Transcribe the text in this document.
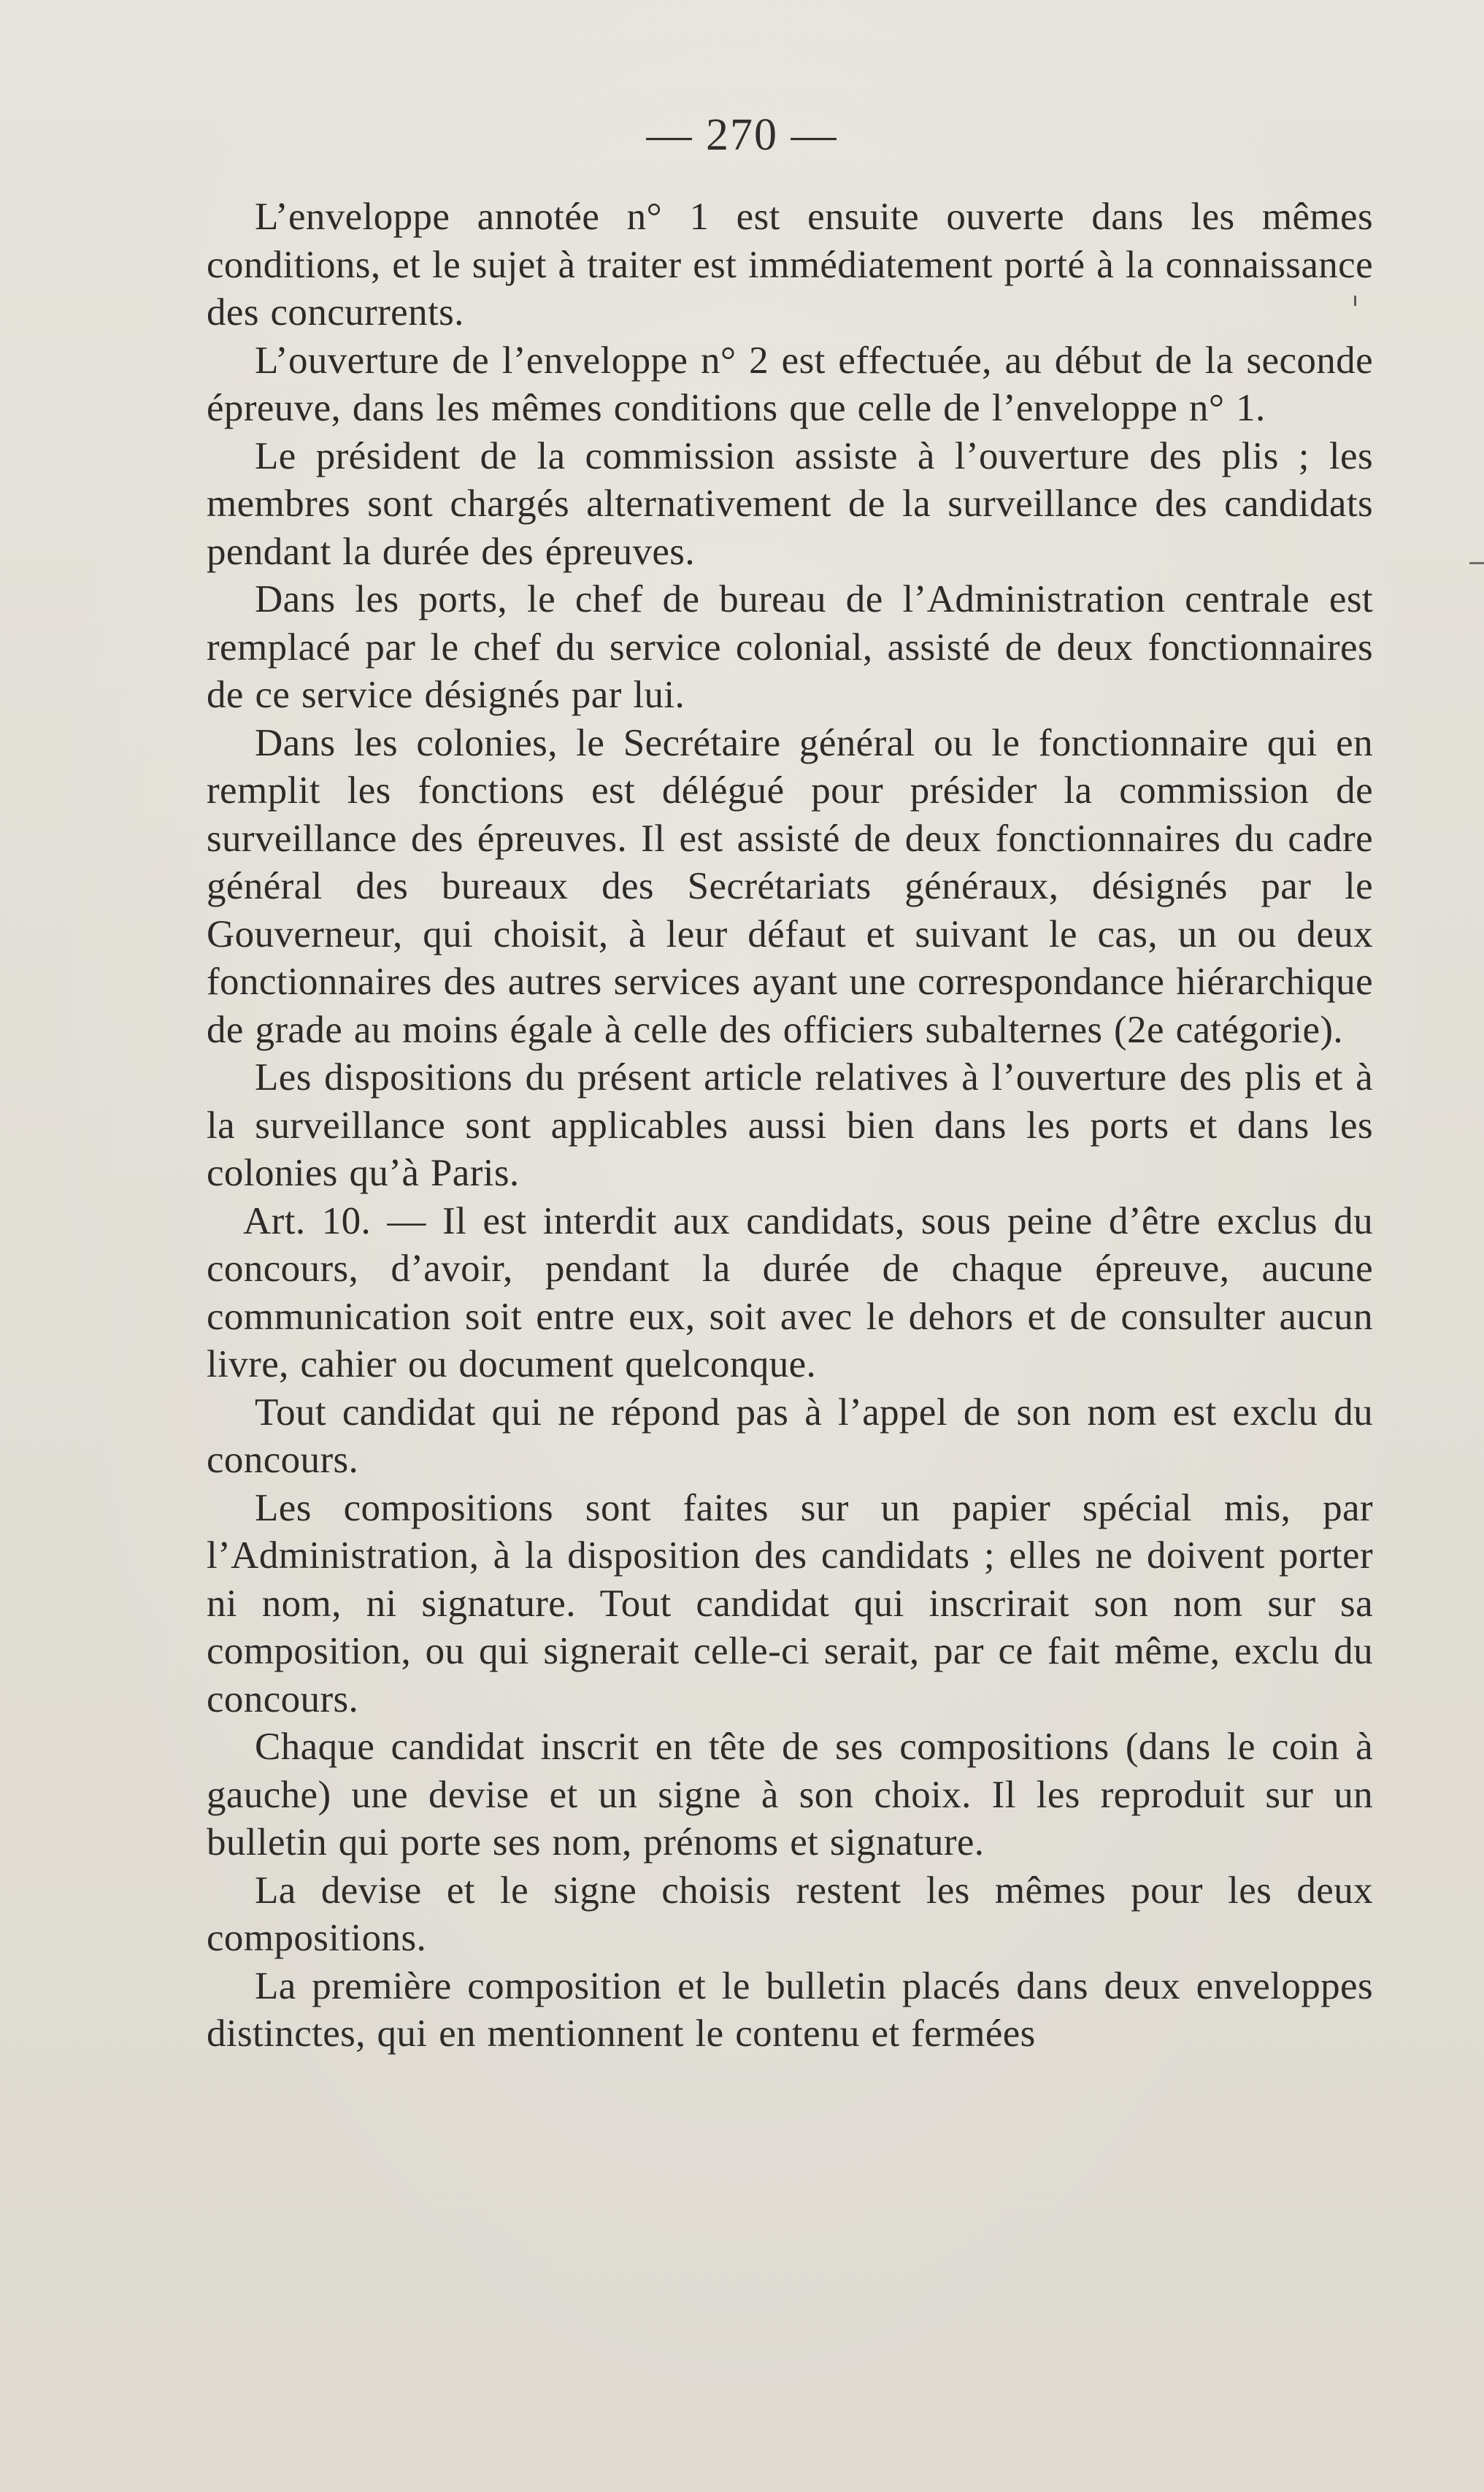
— 270 —

L’enveloppe annotée n° 1 est ensuite ouverte dans les mêmes conditions, et le sujet à traiter est immédiatement porté à la connaissance des concurrents.

L’ouverture de l’enveloppe n° 2 est effectuée, au début de la seconde épreuve, dans les mêmes conditions que celle de l’enveloppe n° 1.

Le président de la commission assiste à l’ouverture des plis ; les membres sont chargés alternativement de la surveillance des candidats pendant la durée des épreuves.

Dans les ports, le chef de bureau de l’Administration centrale est remplacé par le chef du service colonial, assisté de deux fonctionnaires de ce service désignés par lui.

Dans les colonies, le Secrétaire général ou le fonctionnaire qui en remplit les fonctions est délégué pour présider la commission de surveillance des épreuves. Il est assisté de deux fonctionnaires du cadre général des bureaux des Secrétariats généraux, désignés par le Gouverneur, qui choisit, à leur défaut et suivant le cas, un ou deux fonctionnaires des autres services ayant une correspondance hiérarchique de grade au moins égale à celle des officiers subalternes (2e catégorie).

Les dispositions du présent article relatives à l’ouverture des plis et à la surveillance sont applicables aussi bien dans les ports et dans les colonies qu’à Paris.

Art. 10. — Il est interdit aux candidats, sous peine d’être exclus du concours, d’avoir, pendant la durée de chaque épreuve, aucune communication soit entre eux, soit avec le dehors et de consulter aucun livre, cahier ou document quelconque.

Tout candidat qui ne répond pas à l’appel de son nom est exclu du concours.

Les compositions sont faites sur un papier spécial mis, par l’Administration, à la disposition des candidats ; elles ne doivent porter ni nom, ni signature. Tout candidat qui inscrirait son nom sur sa composition, ou qui signerait celle-ci serait, par ce fait même, exclu du concours.

Chaque candidat inscrit en tête de ses compositions (dans le coin à gauche) une devise et un signe à son choix. Il les reproduit sur un bulletin qui porte ses nom, prénoms et signature.

La devise et le signe choisis restent les mêmes pour les deux compositions.

La première composition et le bulletin placés dans deux enveloppes distinctes, qui en mentionnent le contenu et fermées
